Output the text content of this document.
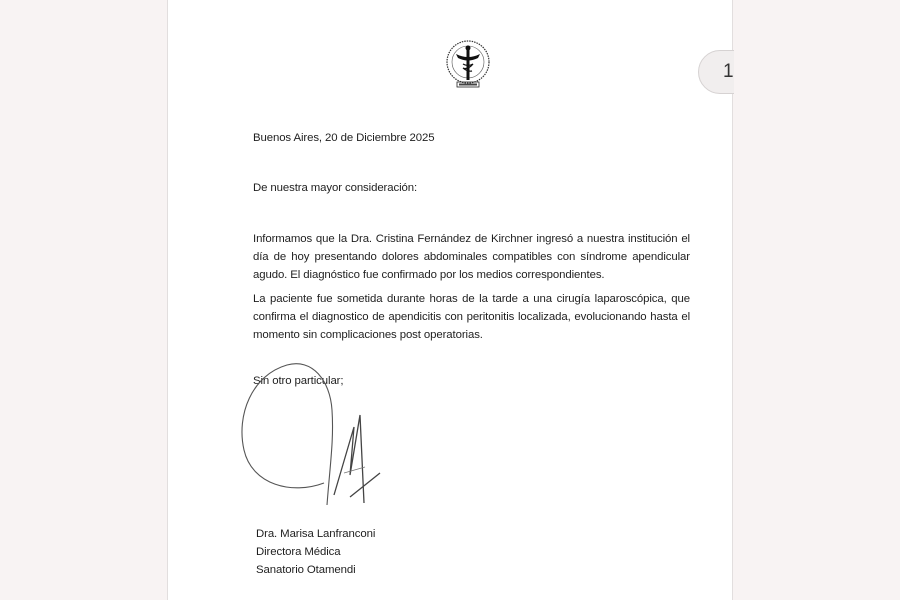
1
Buenos Aires, 20 de Diciembre 2025
De nuestra mayor consideración:
Informamos que la Dra. Cristina Fernández de Kirchner ingresó a nuestra institución el día de hoy presentando dolores abdominales compatibles con síndrome apendicular agudo. El diagnóstico fue confirmado por los medios correspondientes.
La paciente fue sometida durante horas de la tarde a una cirugía laparoscópica, que confirma el diagnostico de apendicitis con peritonitis localizada, evolucionando hasta el momento sin complicaciones post operatorias.
Sin otro particular;
Dra. Marisa Lanfranconi
Directora Médica
Sanatorio Otamendi
